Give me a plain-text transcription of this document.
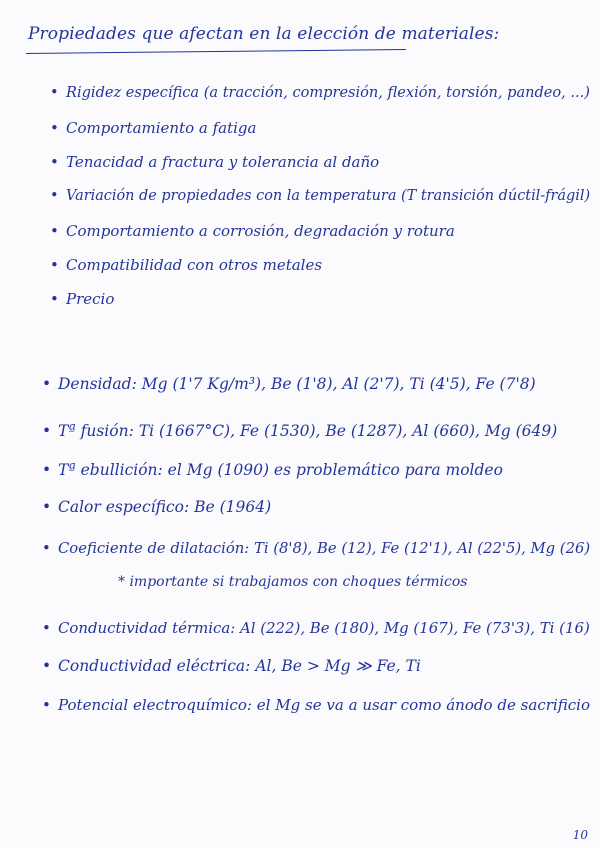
Propiedades que afectan en la elección de materiales:
• Rigidez específica (a tracción, compresión, flexión, torsión, pandeo, ...)
• Comportamiento a fatiga
• Tenacidad a fractura y tolerancia al daño
• Variación de propiedades con la temperatura (T transición dúctil-frágil)
• Comportamiento a corrosión, degradación y rotura
• Compatibilidad con otros metales
• Precio
• Densidad: Mg (1'7 Kg/m³), Be (1'8), Al (2'7), Ti (4'5), Fe (7'8)
• Tª fusión: Ti (1667°C), Fe (1530), Be (1287), Al (660), Mg (649)
• Tª ebullición: el Mg (1090) es problemático para moldeo
• Calor específico: Be (1964)
• Coeficiente de dilatación: Ti (8'8), Be (12), Fe (12'1), Al (22'5), Mg (26)
• Conductividad térmica: Al (222), Be (180), Mg (167), Fe (73'3), Ti (16)
• Conductividad eléctrica: Al, Be > Mg ≫ Fe, Ti
• Potencial electroquímico: el Mg se va a usar como ánodo de sacrificio
* importante si trabajamos con choques térmicos
10
